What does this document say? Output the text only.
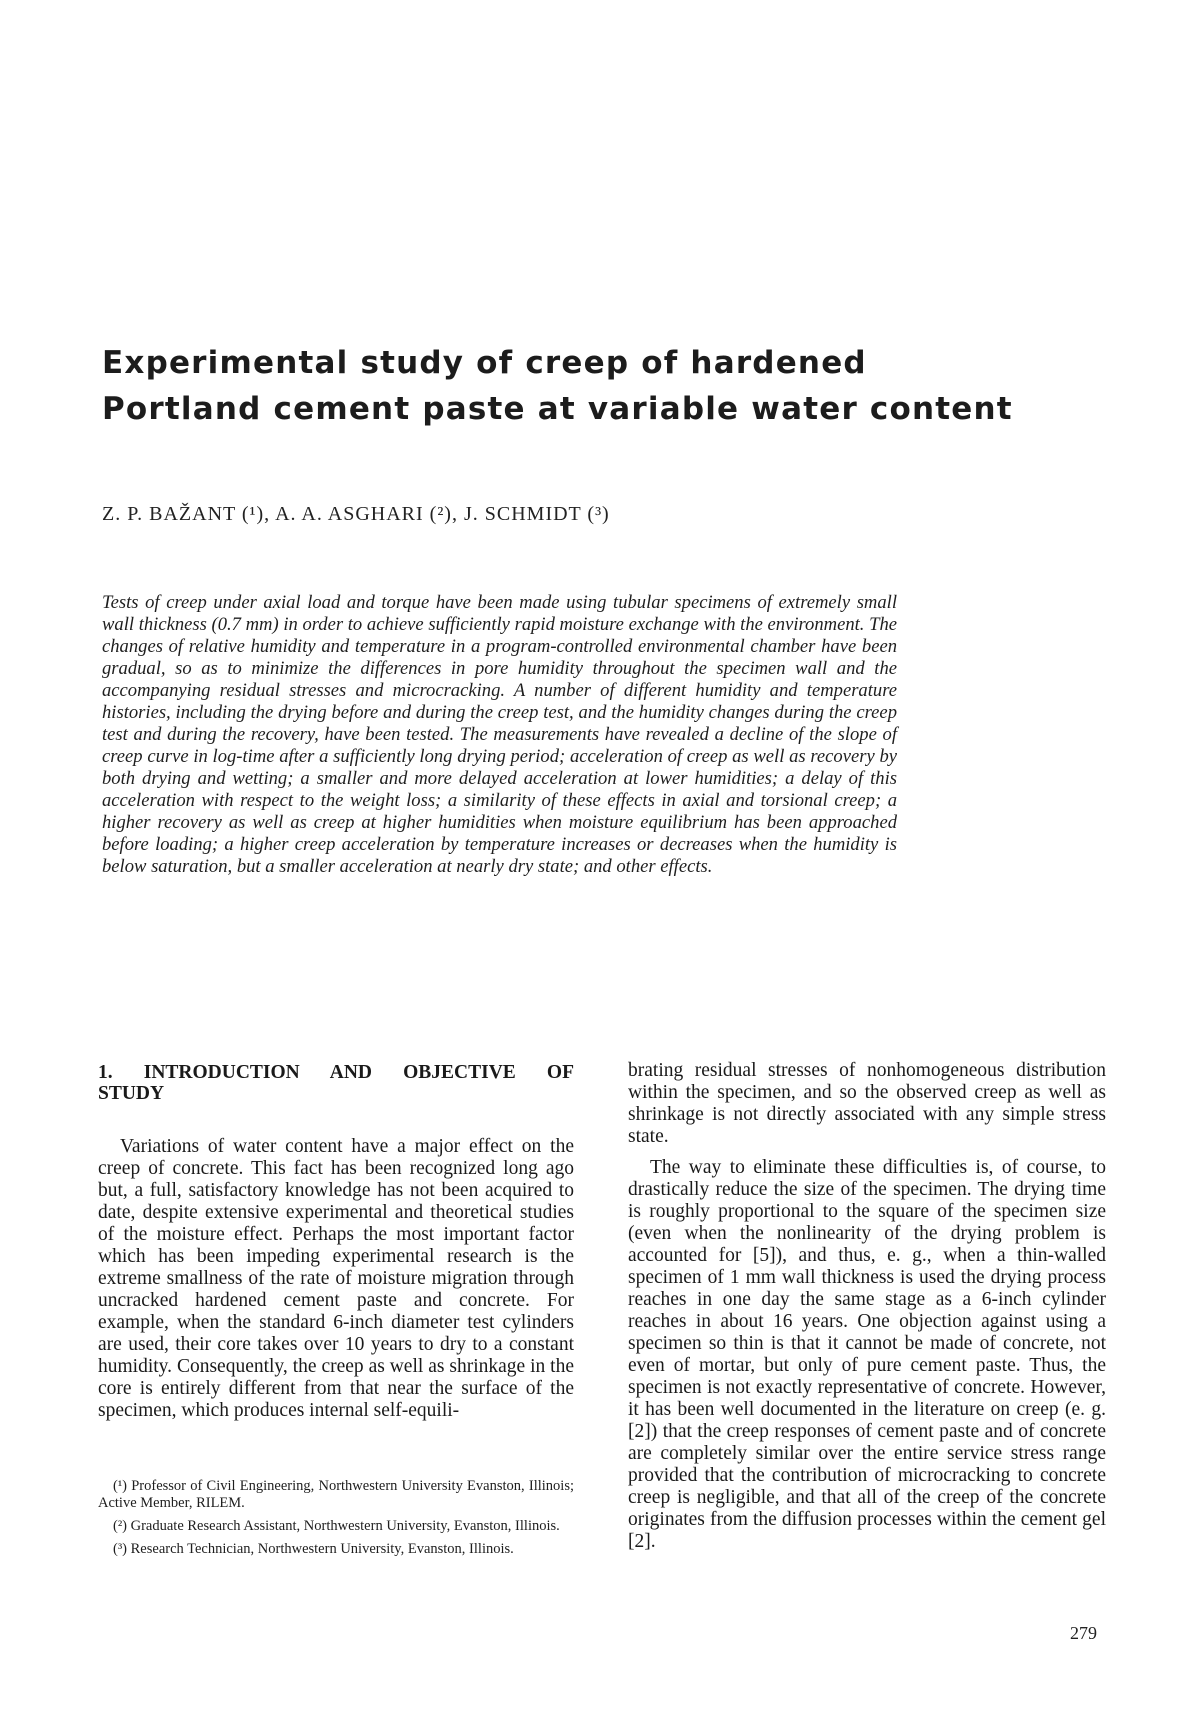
Experimental study of creep of hardened
Portland cement paste at variable water content
Z. P. BAŽANT (¹), A. A. ASGHARI (²), J. SCHMIDT (³)

Tests of creep under axial load and torque have been made using tubular specimens of extremely small wall thickness (0.7 mm) in order to achieve sufficiently rapid moisture exchange with the environment. The changes of relative humidity and temperature in a program-controlled environmental chamber have been gradual, so as to minimize the differences in pore humidity throughout the specimen wall and the accompanying residual stresses and microcracking. A number of different humidity and temperature histories, including the drying before and during the creep test, and the humidity changes during the creep test and during the recovery, have been tested. The measurements have revealed a decline of the slope of creep curve in log-time after a sufficiently long drying period; acceleration of creep as well as recovery by both drying and wetting; a smaller and more delayed acceleration at lower humidities; a delay of this acceleration with respect to the weight loss; a similarity of these effects in axial and torsional creep; a higher recovery as well as creep at higher humidities when moisture equilibrium has been approached before loading; a higher creep acceleration by temperature increases or decreases when the humidity is below saturation, but a smaller acceleration at nearly dry state; and other effects.

1. INTRODUCTION AND OBJECTIVE OF
STUDY

Variations of water content have a major effect on the creep of concrete. This fact has been recognized long ago but, a full, satisfactory knowledge has not been acquired to date, despite extensive experimental and theoretical studies of the moisture effect. Perhaps the most important factor which has been impeding experimental research is the extreme smallness of the rate of moisture migration through uncracked hardened cement paste and concrete. For example, when the standard 6-inch diameter test cylinders are used, their core takes over 10 years to dry to a constant humidity. Consequently, the creep as well as shrinkage in the core is entirely different from that near the surface of the specimen, which produces internal self-equili-

(¹) Professor of Civil Engineering, Northwestern University Evanston, Illinois; Active Member, RILEM.

(²) Graduate Research Assistant, Northwestern University, Evanston, Illinois.

(³) Research Technician, Northwestern University, Evanston, Illinois.

brating residual stresses of nonhomogeneous distribution within the specimen, and so the observed creep as well as shrinkage is not directly associated with any simple stress state.

The way to eliminate these difficulties is, of course, to drastically reduce the size of the specimen. The drying time is roughly proportional to the square of the specimen size (even when the nonlinearity of the drying problem is accounted for [5]), and thus, e. g., when a thin-walled specimen of 1 mm wall thickness is used the drying process reaches in one day the same stage as a 6-inch cylinder reaches in about 16 years. One objection against using a specimen so thin is that it cannot be made of concrete, not even of mortar, but only of pure cement paste. Thus, the specimen is not exactly representative of concrete. However, it has been well documented in the literature on creep (e. g. [2]) that the creep responses of cement paste and of concrete are completely similar over the entire service stress range provided that the contribution of microcracking to concrete creep is negligible, and that all of the creep of the concrete originates from the diffusion processes within the cement gel [2].

279
